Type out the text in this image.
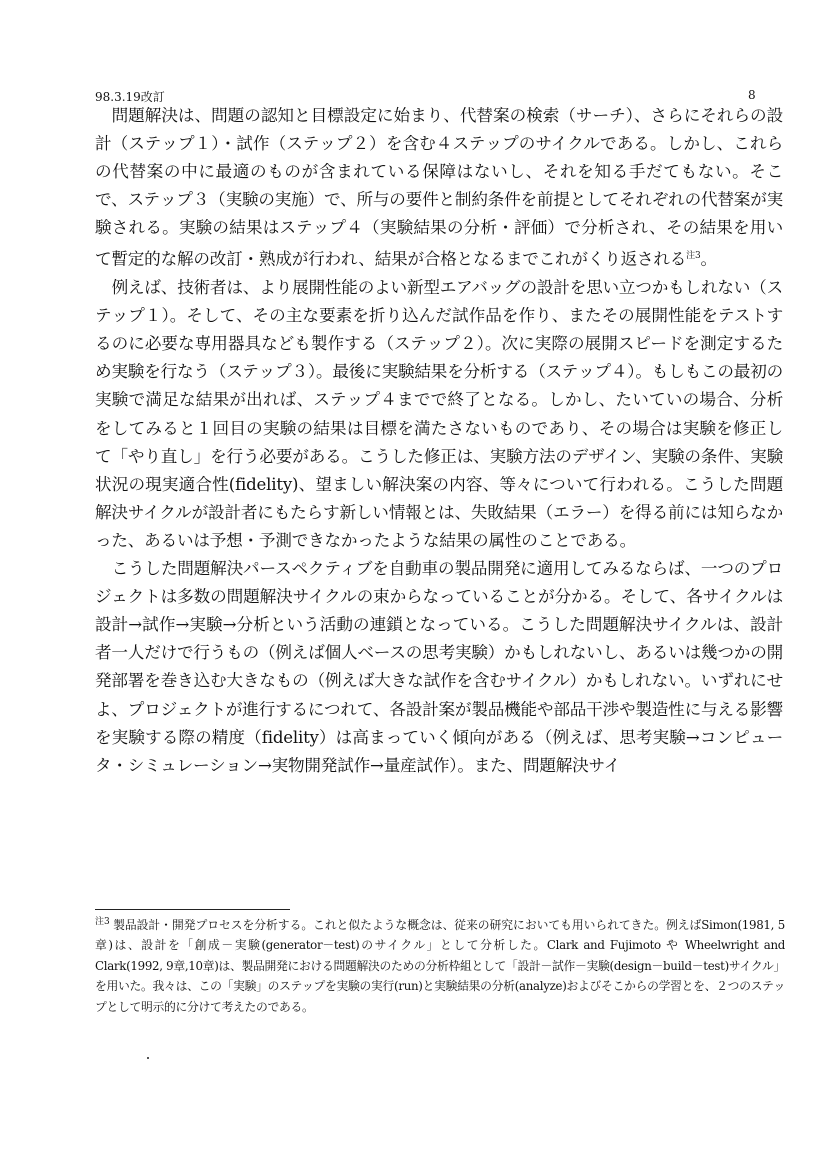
98.3.19改訂	8

問題解決は、問題の認知と目標設定に始まり、代替案の検索（サーチ）、さらにそれらの設計（ステップ１）・試作（ステップ２）を含む４ステップのサイクルである。しかし、これらの代替案の中に最適のものが含まれている保障はないし、それを知る手だてもない。そこで、ステップ３（実験の実施）で、所与の要件と制約条件を前提としてそれぞれの代替案が実験される。実験の結果はステップ４（実験結果の分析・評価）で分析され、その結果を用いて暫定的な解の改訂・熟成が行われ、結果が合格となるまでこれがくり返される$^{注3}$。

例えば、技術者は、より展開性能のよい新型エアバッグの設計を思い立つかもしれない（ステップ１）。そして、その主な要素を折り込んだ試作品を作り、またその展開性能をテストするのに必要な専用器具なども製作する（ステップ２）。次に実際の展開スピードを測定するため実験を行なう（ステップ３）。最後に実験結果を分析する（ステップ４）。もしもこの最初の実験で満足な結果が出れば、ステップ４までで終了となる。しかし、たいていの場合、分析をしてみると１回目の実験の結果は目標を満たさないものであり、その場合は実験を修正して「やり直し」を行う必要がある。こうした修正は、実験方法のデザイン、実験の条件、実験状況の現実適合性(fidelity)、望ましい解決案の内容、等々について行われる。こうした問題解決サイクルが設計者にもたらす新しい情報とは、失敗結果（エラー）を得る前には知らなかった、あるいは予想・予測できなかったような結果の属性のことである。

こうした問題解決パースペクティブを自動車の製品開発に適用してみるならば、一つのプロジェクトは多数の問題解決サイクルの束からなっていることが分かる。そして、各サイクルは設計→試作→実験→分析という活動の連鎖となっている。こうした問題解決サイクルは、設計者一人だけで行うもの（例えば個人ベースの思考実験）かもしれないし、あるいは幾つかの開発部署を巻き込む大きなもの（例えば大きな試作を含むサイクル）かもしれない。いずれにせよ、プロジェクトが進行するにつれて、各設計案が製品機能や部品干渉や製造性に与える影響を実験する際の精度（fidelity）は高まっていく傾向がある（例えば、思考実験→コンピュータ・シミュレーション→実物開発試作→量産試作）。また、問題解決サイ

$^{注3}$ 製品設計・開発プロセスを分析する。これと似たような概念は、従来の研究においても用いられてきた。例えばSimon(1981, 5章)は、設計を「創成－実験(generator－test)のサイクル」として分析した。Clark and Fujimoto や Wheelwright and Clark(1992, 9章,10章)は、製品開発における問題解決のための分析枠組として「設計－試作－実験(design－build－test)サイクル」を用いた。我々は、この「実験」のステップを実験の実行(run)と実験結果の分析(analyze)およびそこからの学習とを、２つのステップとして明示的に分けて考えたのである。
